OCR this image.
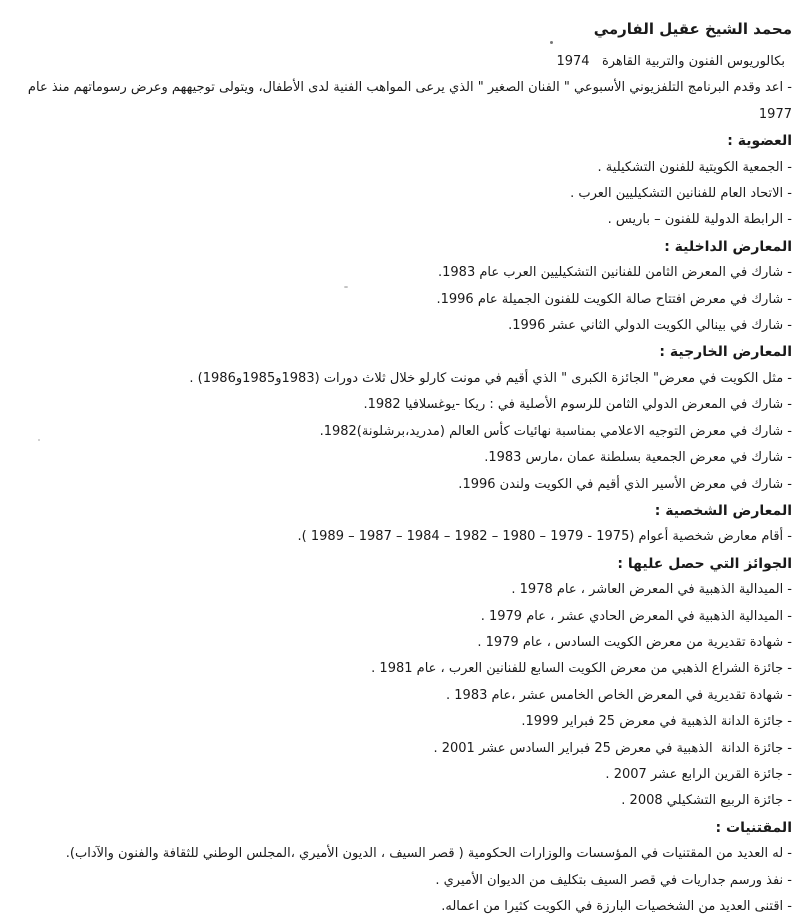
محمد الشيخ عقيل الفارمي

بكالوريوس الفنون والتربية القاهرة   1974

- اعد وقدم البرنامج التلفزيوني الأسبوعي " الفنان الصغير " الذي يرعى المواهب الفنية لدى الأطفال، ويتولى توجيههم وعرض رسوماتهم منذ عام 1977

العضوية :

- الجمعية الكويتية للفنون التشكيلية .

- الاتحاد العام للفنانين التشكيليين العرب .

- الرابطة الدولية للفنون – باريس .

المعارض الداخلية :

- شارك في المعرض الثامن للفنانين التشكيليين العرب عام 1983.

- شارك في معرض افتتاح صالة الكويت للفنون الجميلة عام 1996.

- شارك في بينالي الكويت الدولي الثاني عشر 1996.

المعارض الخارجية :

- مثل الكويت في معرض" الجائزة الكبرى " الذي أقيم في مونت كارلو خلال ثلاث دورات (1983و1985و1986) .

- شارك في المعرض الدولي الثامن للرسوم الأصلية في : ريكا -يوغسلافيا 1982.

- شارك في معرض التوجيه الاعلامي بمناسبة نهائيات كأس العالم (مدريد،برشلونة)1982.

- شارك في معرض الجمعية بسلطنة عمان ،مارس 1983.

- شارك في معرض الأسير الذي أقيم في الكويت ولندن 1996.

المعارض الشخصية :

- أقام معارض شخصية أعوام (1975 - 1979 – 1980 – 1982 – 1984 – 1987 – 1989 ).

الجوائز التي حصل عليها :

- الميدالية الذهبية في المعرض العاشر ، عام 1978 .

- الميدالية الذهبية في المعرض الحادي عشر ، عام 1979 .

- شهادة تقديرية من معرض الكويت السادس ، عام 1979 .

- جائزة الشراع الذهبي من معرض الكويت السابع للفنانين العرب ، عام 1981 .

- شهادة تقديرية في المعرض الخاص الخامس عشر ،عام 1983 .

- جائزة الدانة الذهبية في معرض 25 فبراير 1999.

- جائزة الدانة  الذهبية في معرض 25 فبراير السادس عشر 2001 .

- جائزة القرين الرابع عشر 2007 .

- جائزة الربيع التشكيلي 2008 .

المقتنيات :

- له العديد من المقتنيات في المؤسسات والوزارات الحكومية ( قصر السيف ، الديون الأميري ،المجلس الوطني للثقافة والفنون والآداب).

- نفذ ورسم جداريات في قصر السيف بتكليف من الديوان الأميري .

- اقتنى العديد من الشخصيات البارزة في الكويت كثيرا من اعماله.
